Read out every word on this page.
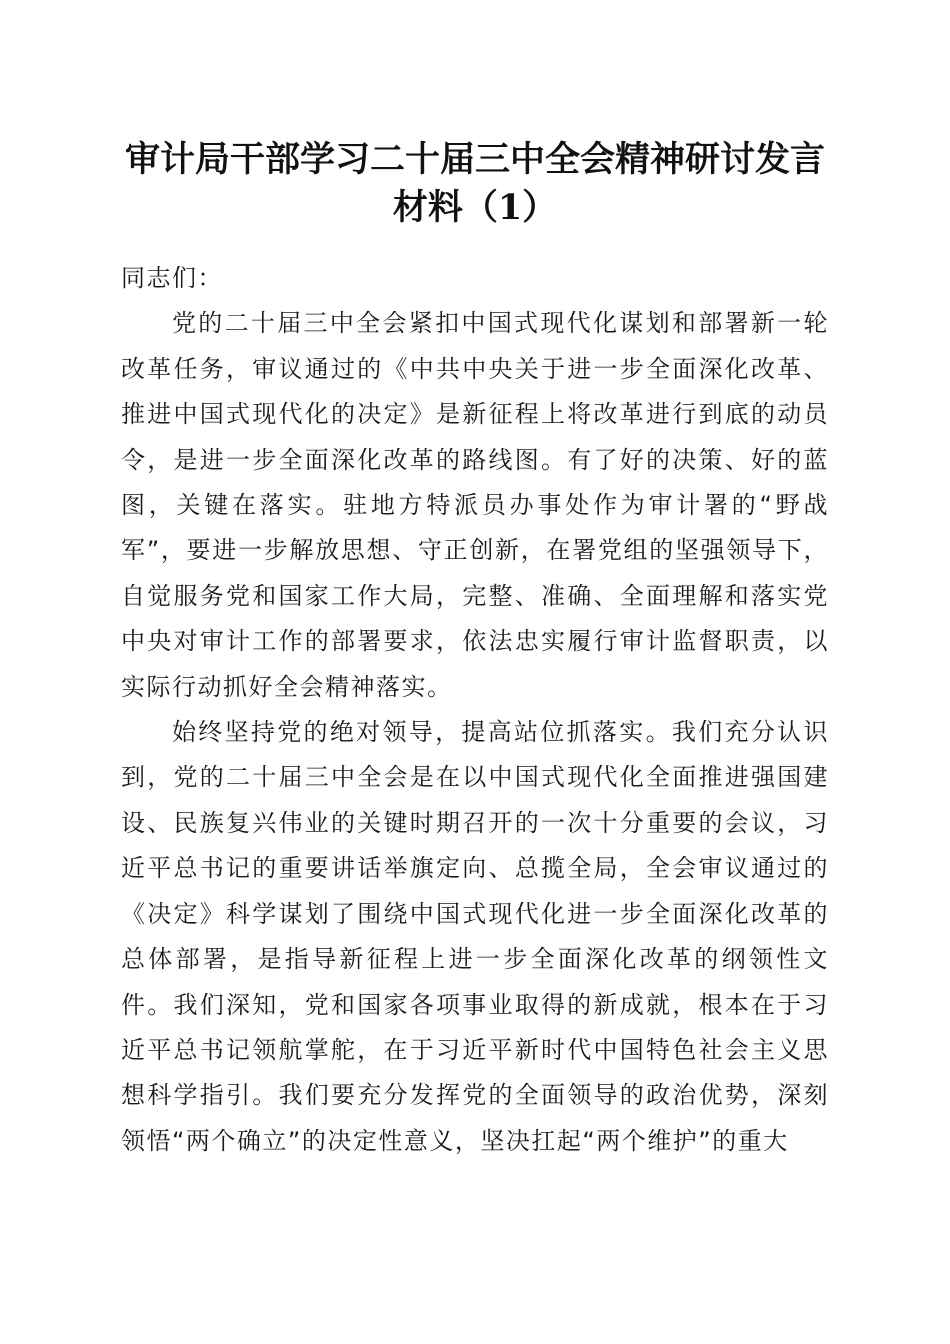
审计局干部学习二十届三中全会精神研讨发言
材料（1）

同志们：

党的二十届三中全会紧扣中国式现代化谋划和部署新一轮改革任务，审议通过的《中共中央关于进一步全面深化改革、推进中国式现代化的决定》是新征程上将改革进行到底的动员令，是进一步全面深化改革的路线图。有了好的决策、好的蓝图，关键在落实。驻地方特派员办事处作为审计署的“野战军”，要进一步解放思想、守正创新，在署党组的坚强领导下，自觉服务党和国家工作大局，完整、准确、全面理解和落实党中央对审计工作的部署要求，依法忠实履行审计监督职责，以实际行动抓好全会精神落实。

始终坚持党的绝对领导，提高站位抓落实。我们充分认识到，党的二十届三中全会是在以中国式现代化全面推进强国建设、民族复兴伟业的关键时期召开的一次十分重要的会议，习近平总书记的重要讲话举旗定向、总揽全局，全会审议通过的《决定》科学谋划了围绕中国式现代化进一步全面深化改革的总体部署，是指导新征程上进一步全面深化改革的纲领性文件。我们深知，党和国家各项事业取得的新成就，根本在于习近平总书记领航掌舵，在于习近平新时代中国特色社会主义思想科学指引。我们要充分发挥党的全面领导的政治优势，深刻领悟“两个确立”的决定性意义，坚决扛起“两个维护”的重大
